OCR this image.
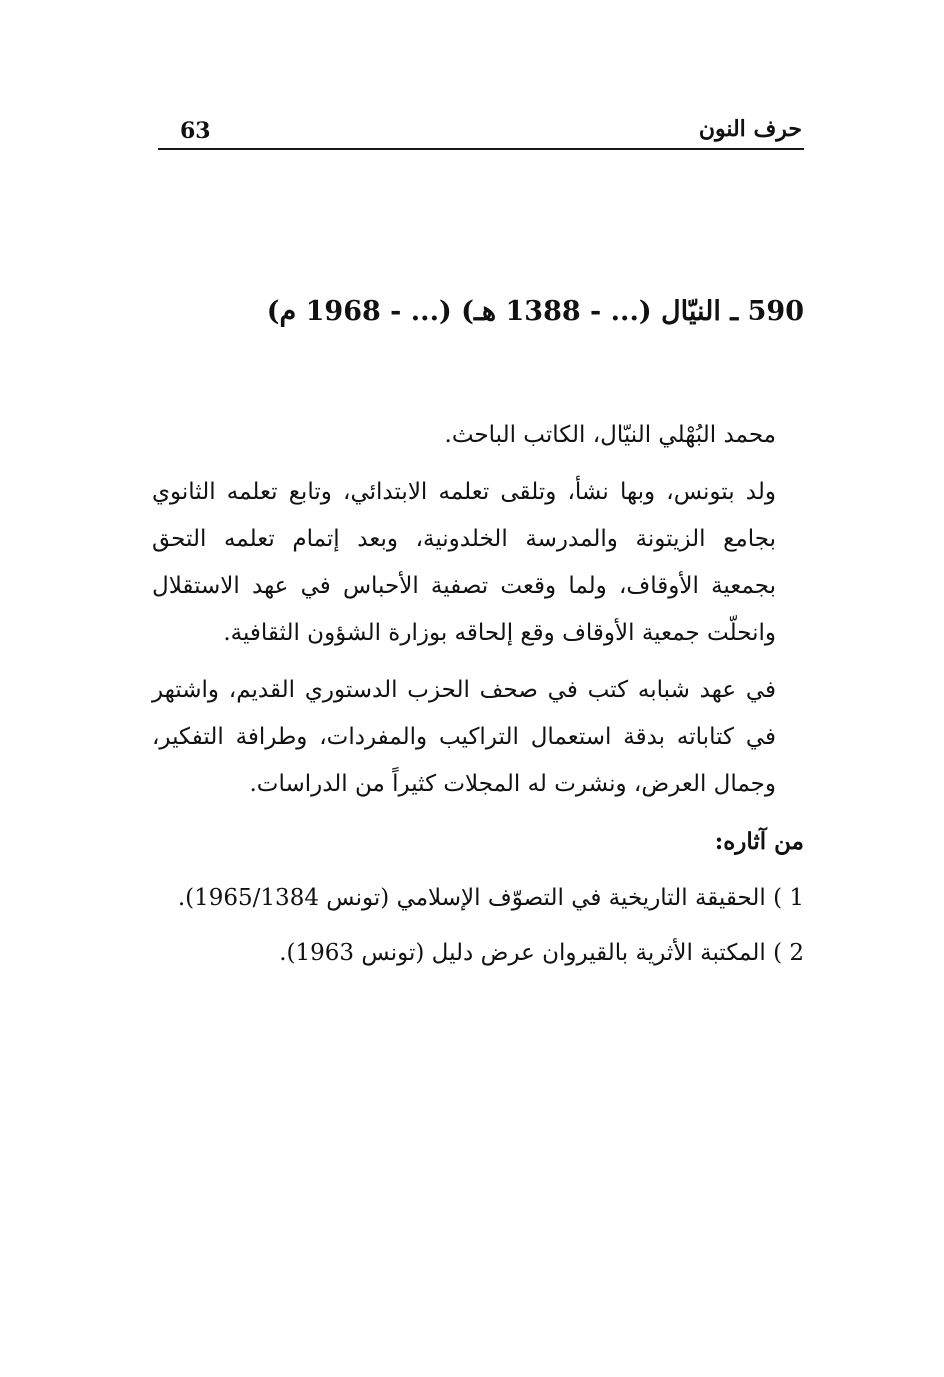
63	حرف النون
590 ـ النيّال (... - 1388 هـ) (... - 1968 م)

محمد البُهْلي النيّال، الكاتب الباحث.

ولد بتونس، وبها نشأ، وتلقى تعلمه الابتدائي، وتابع تعلمه الثانوي بجامع الزيتونة والمدرسة الخلدونية، وبعد إتمام تعلمه التحق بجمعية الأوقاف، ولما وقعت تصفية الأحباس في عهد الاستقلال وانحلّت جمعية الأوقاف وقع إلحاقه بوزارة الشؤون الثقافية.

في عهد شبابه كتب في صحف الحزب الدستوري القديم، واشتهر في كتاباته بدقة استعمال التراكيب والمفردات، وطرافة التفكير، وجمال العرض، ونشرت له المجلات كثيراً من الدراسات.

من آثاره:

1 ) الحقيقة التاريخية في التصوّف الإسلامي (تونس 1965/1384).
2 ) المكتبة الأثرية بالقيروان عرض دليل (تونس 1963).
